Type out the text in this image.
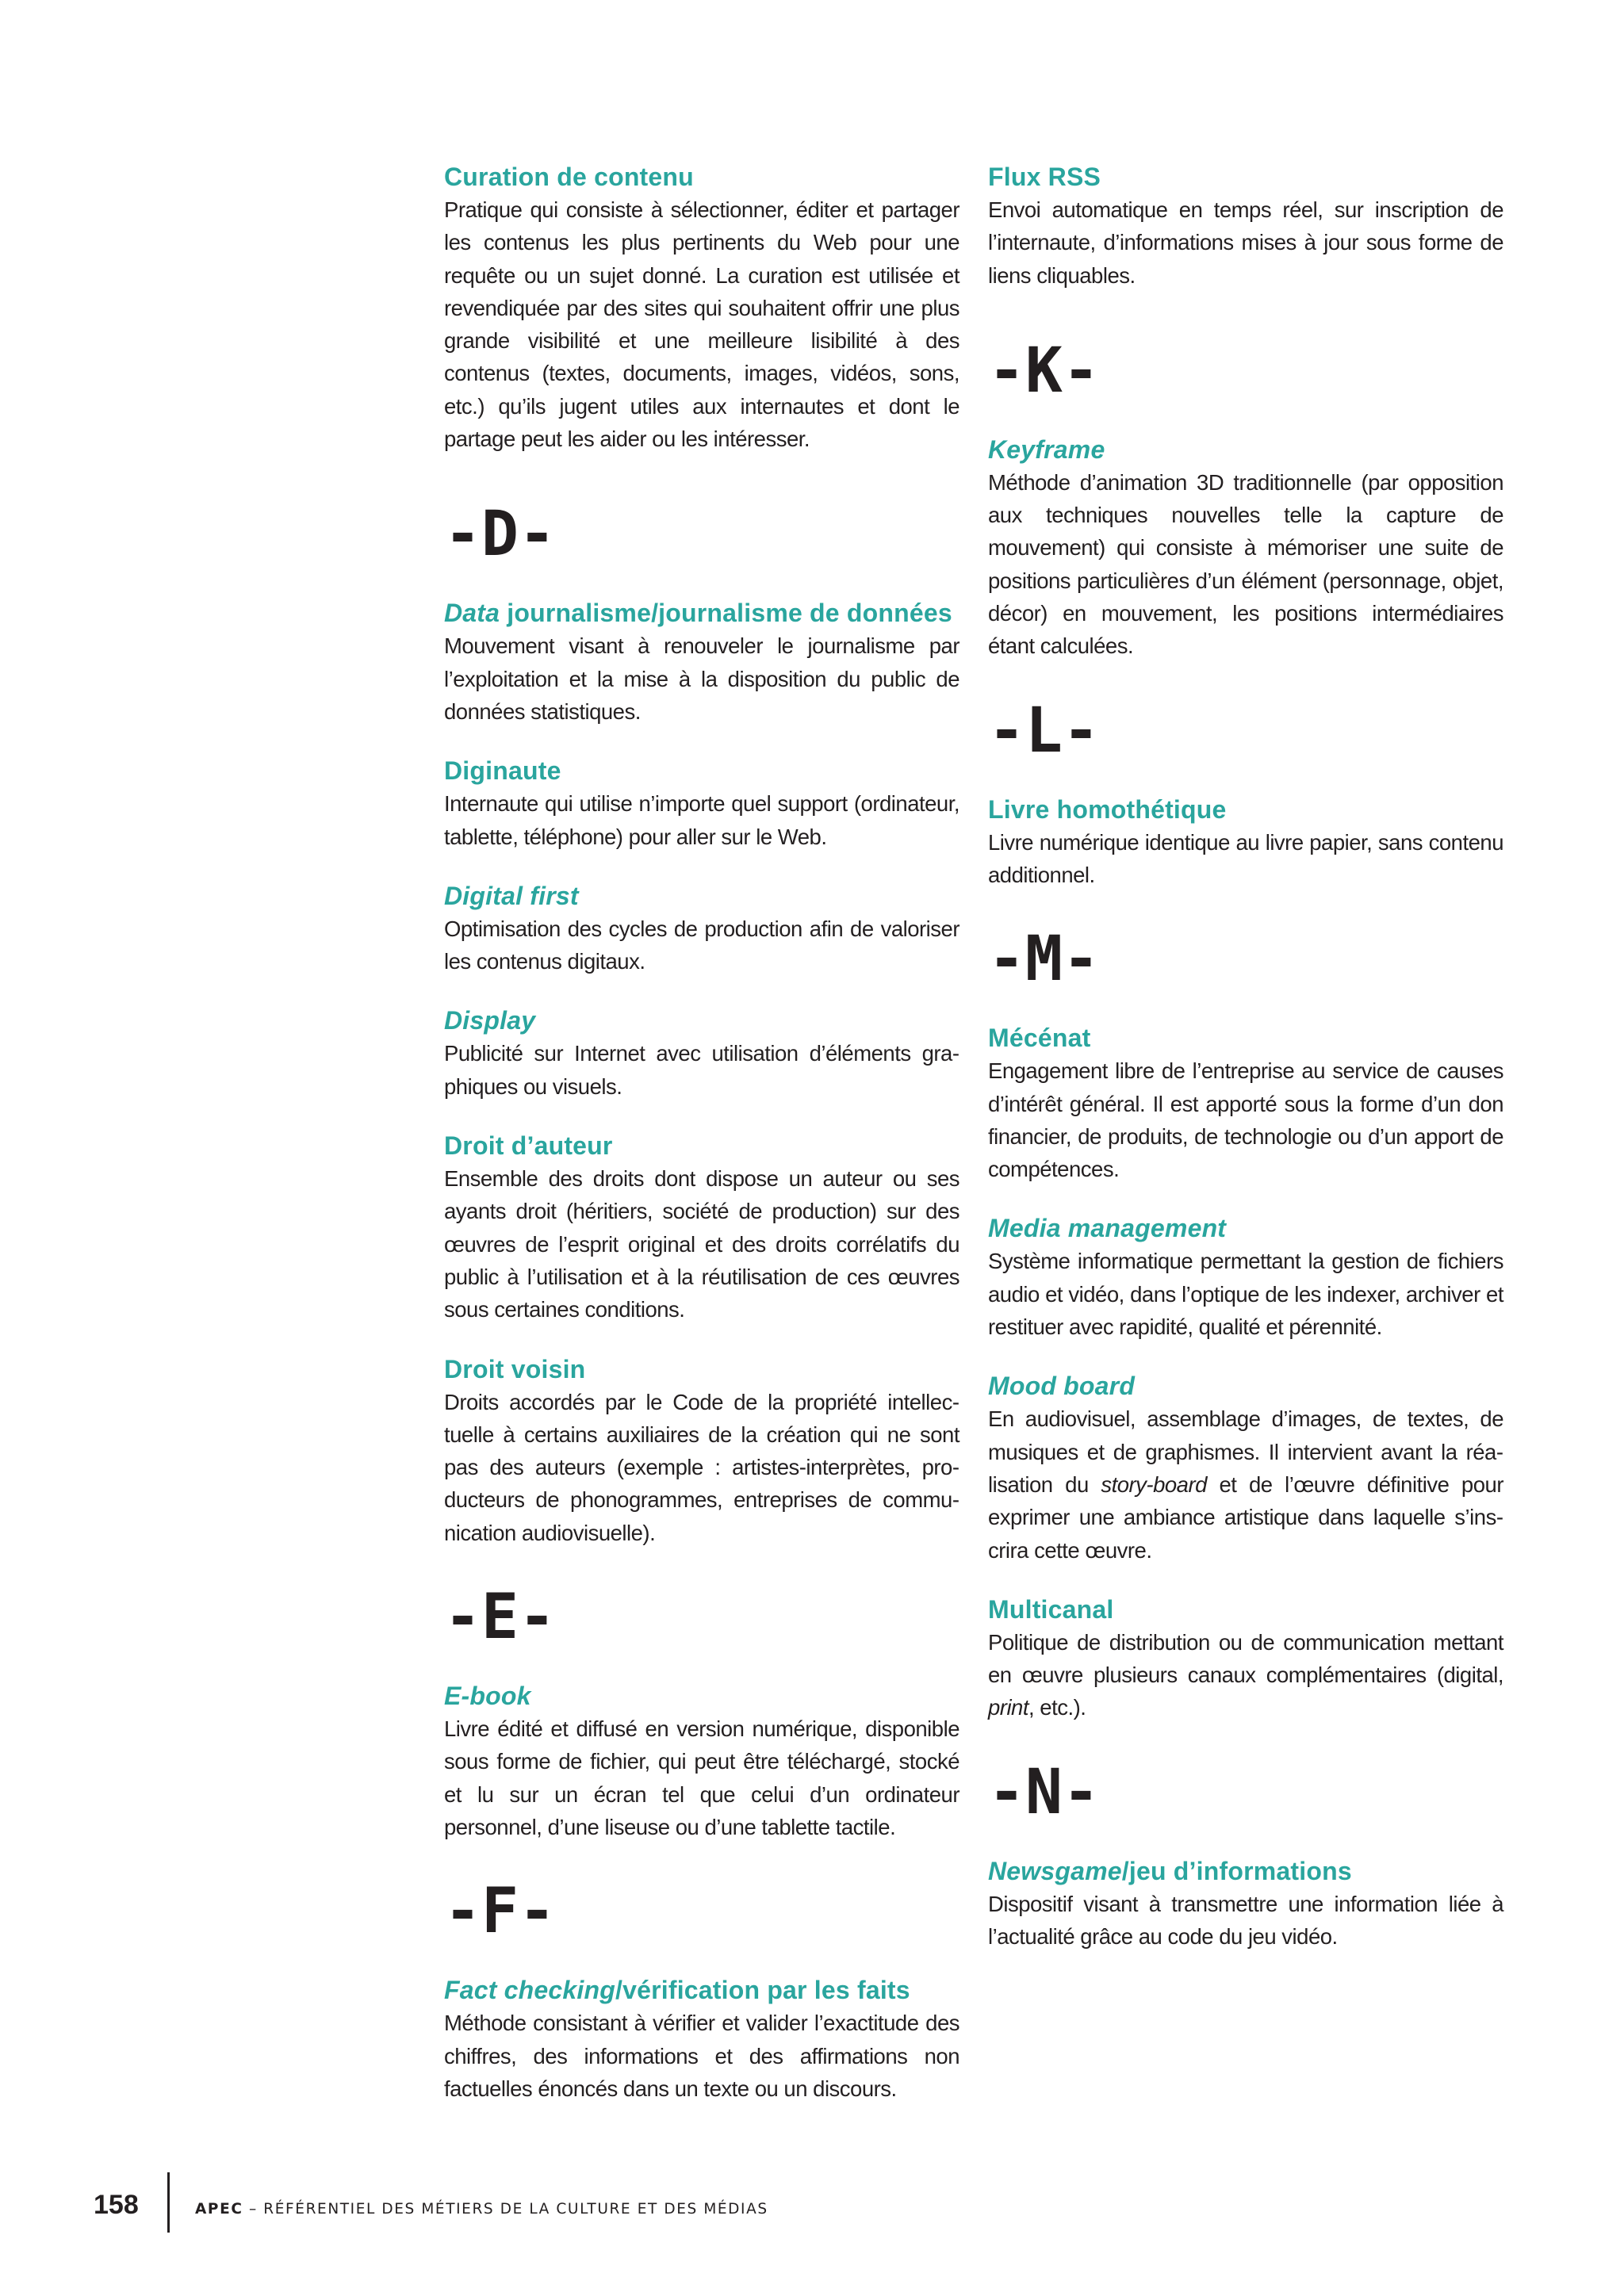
Curation de contenu
Pratique qui consiste à sélectionner, éditer et partager les contenus les plus pertinents du Web pour une requête ou un sujet donné. La curation est utilisée et revendiquée par des sites qui souhaitent offrir une plus grande visibilité et une meilleure lisibilité à des contenus (textes, documents, images, vidéos, sons, etc.) qu’ils jugent utiles aux internautes et dont le partage peut les aider ou les intéresser.
-D-
Data journalisme/journalisme de données
Mouvement visant à renouveler le journalisme par l’exploitation et la mise à la disposition du public de données statistiques.
Diginaute
Internaute qui utilise n’importe quel support (ordinateur, tablette, téléphone) pour aller sur le Web.
Digital first
Optimisation des cycles de production afin de valoriser les contenus digitaux.
Display
Publicité sur Internet avec utilisation d’éléments graphiques ou visuels.
Droit d’auteur
Ensemble des droits dont dispose un auteur ou ses ayants droit (héritiers, société de production) sur des œuvres de l’esprit original et des droits corrélatifs du public à l’utilisation et à la réutilisation de ces œuvres sous certaines conditions.
Droit voisin
Droits accordés par le Code de la propriété intellectuelle à certains auxiliaires de la création qui ne sont pas des auteurs (exemple : artistes-interprètes, producteurs de phonogrammes, entreprises de communication audiovisuelle).
-E-
E-book
Livre édité et diffusé en version numérique, disponible sous forme de fichier, qui peut être téléchargé, stocké et lu sur un écran tel que celui d’un ordinateur personnel, d’une liseuse ou d’une tablette tactile.
-F-
Fact checking/vérification par les faits
Méthode consistant à vérifier et valider l’exactitude des chiffres, des informations et des affirmations non factuelles énoncés dans un texte ou un discours.
Flux RSS
Envoi automatique en temps réel, sur inscription de l’internaute, d’informations mises à jour sous forme de liens cliquables.
-K-
Keyframe
Méthode d’animation 3D traditionnelle (par opposition aux techniques nouvelles telle la capture de mouvement) qui consiste à mémoriser une suite de positions particulières d’un élément (personnage, objet, décor) en mouvement, les positions intermédiaires étant calculées.
-L-
Livre homothétique
Livre numérique identique au livre papier, sans contenu additionnel.
-M-
Mécénat
Engagement libre de l’entreprise au service de causes d’intérêt général. Il est apporté sous la forme d’un don financier, de produits, de technologie ou d’un apport de compétences.
Media management
Système informatique permettant la gestion de fichiers audio et vidéo, dans l’optique de les indexer, archiver et restituer avec rapidité, qualité et pérennité.
Mood board
En audiovisuel, assemblage d’images, de textes, de musiques et de graphismes. Il intervient avant la réalisation du story-board et de l’œuvre définitive pour exprimer une ambiance artistique dans laquelle s’inscrira cette œuvre.
Multicanal
Politique de distribution ou de communication mettant en œuvre plusieurs canaux complémentaires (digital, print, etc.).
-N-
Newsgame/jeu d’informations
Dispositif visant à transmettre une information liée à l’actualité grâce au code du jeu vidéo.
158	APEC – RÉFÉRENTIEL DES MÉTIERS DE LA CULTURE ET DES MÉDIAS
